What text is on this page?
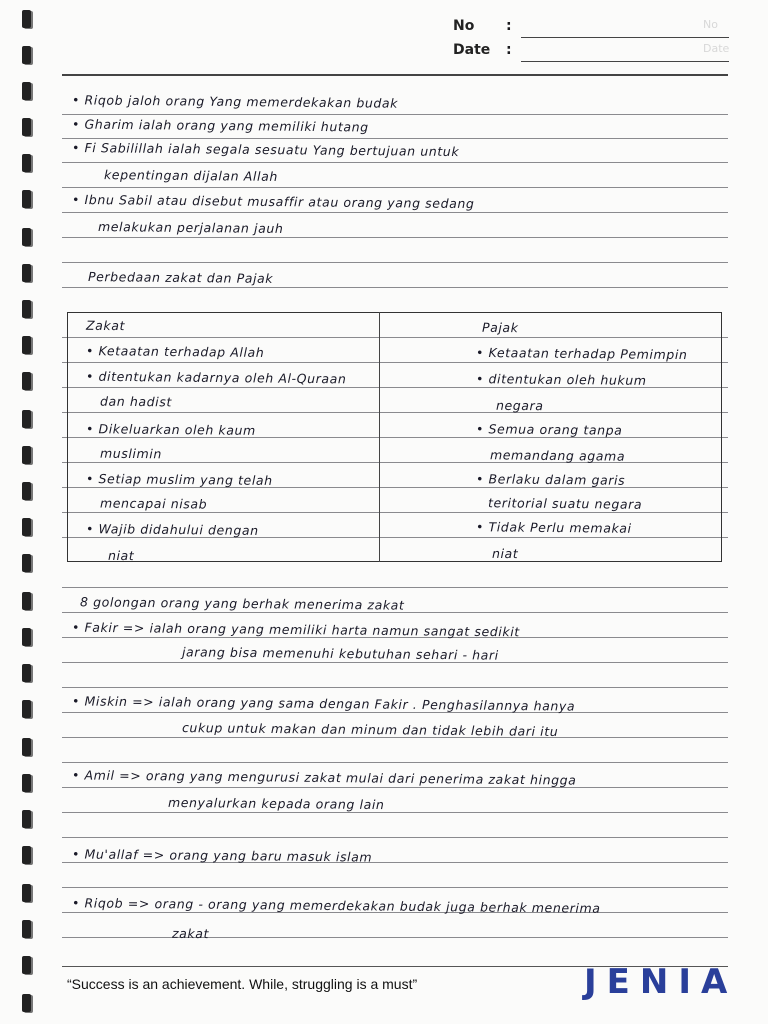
No
Date
No :
Date :
• Riqob jaloh orang Yang memerdekakan budak
• Gharim ialah orang yang memiliki hutang
• Fi Sabilillah ialah segala sesuatu Yang bertujuan untuk
kepentingan dijalan Allah
• Ibnu Sabil atau disebut musaffir atau orang yang sedang
melakukan perjalanan jauh
Perbedaan zakat dan Pajak
Zakat
• Ketaatan terhadap Allah
• ditentukan kadarnya oleh Al-Quraan
dan hadist
• Dikeluarkan oleh kaum
muslimin
• Setiap muslim yang telah
mencapai nisab
• Wajib didahului dengan
niat
Pajak
• Ketaatan terhadap Pemimpin
• ditentukan oleh hukum
negara
• Semua orang tanpa
memandang agama
• Berlaku dalam garis
teritorial suatu negara
• Tidak Perlu memakai
niat
8 golongan orang yang berhak menerima zakat
• Fakir => ialah orang yang memiliki harta namun sangat sedikit
jarang bisa memenuhi kebutuhan sehari - hari
• Miskin => ialah orang yang sama dengan Fakir . Penghasilannya hanya
cukup untuk makan dan minum dan tidak lebih dari itu
• Amil => orang yang mengurusi zakat mulai dari penerima zakat hingga
menyalurkan kepada orang lain
• Mu'allaf => orang yang baru masuk islam
• Riqob => orang - orang yang memerdekakan budak juga berhak menerima
zakat
“Success is an achievement. While, struggling is a must”	JENIA
